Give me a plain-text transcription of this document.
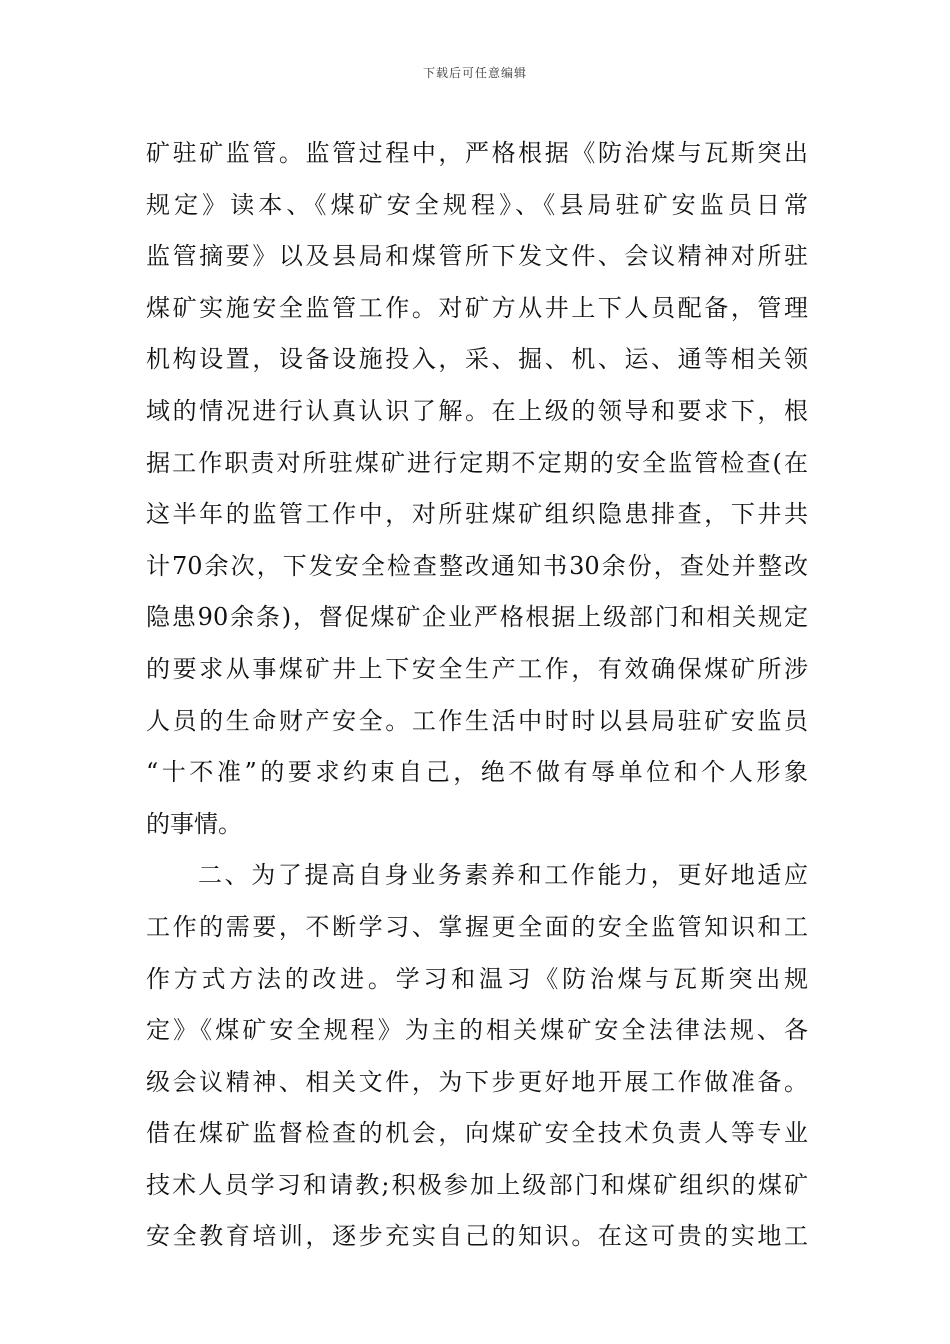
下载后可任意编辑
矿驻矿监管。监管过程中，严格根据《防治煤与瓦斯突出
规定》读本、《煤矿安全规程》、《县局驻矿安监员日常
监管摘要》以及县局和煤管所下发文件、会议精神对所驻
煤矿实施安全监管工作。对矿方从井上下人员配备，管理
机构设置，设备设施投入，采、掘、机、运、通等相关领
域的情况进行认真认识了解。在上级的领导和要求下，根
据工作职责对所驻煤矿进行定期不定期的安全监管检查(在
这半年的监管工作中，对所驻煤矿组织隐患排查，下井共
计70余次，下发安全检查整改通知书30余份，查处并整改
隐患90余条)，督促煤矿企业严格根据上级部门和相关规定
的要求从事煤矿井上下安全生产工作，有效确保煤矿所涉
人员的生命财产安全。工作生活中时时以县局驻矿安监员
“十不准”的要求约束自己，绝不做有辱单位和个人形象
的事情。
二、为了提高自身业务素养和工作能力，更好地适应
工作的需要，不断学习、掌握更全面的安全监管知识和工
作方式方法的改进。学习和温习《防治煤与瓦斯突出规
定》《煤矿安全规程》为主的相关煤矿安全法律法规、各
级会议精神、相关文件，为下步更好地开展工作做准备。
借在煤矿监督检查的机会，向煤矿安全技术负责人等专业
技术人员学习和请教;积极参加上级部门和煤矿组织的煤矿
安全教育培训，逐步充实自己的知识。在这可贵的实地工
